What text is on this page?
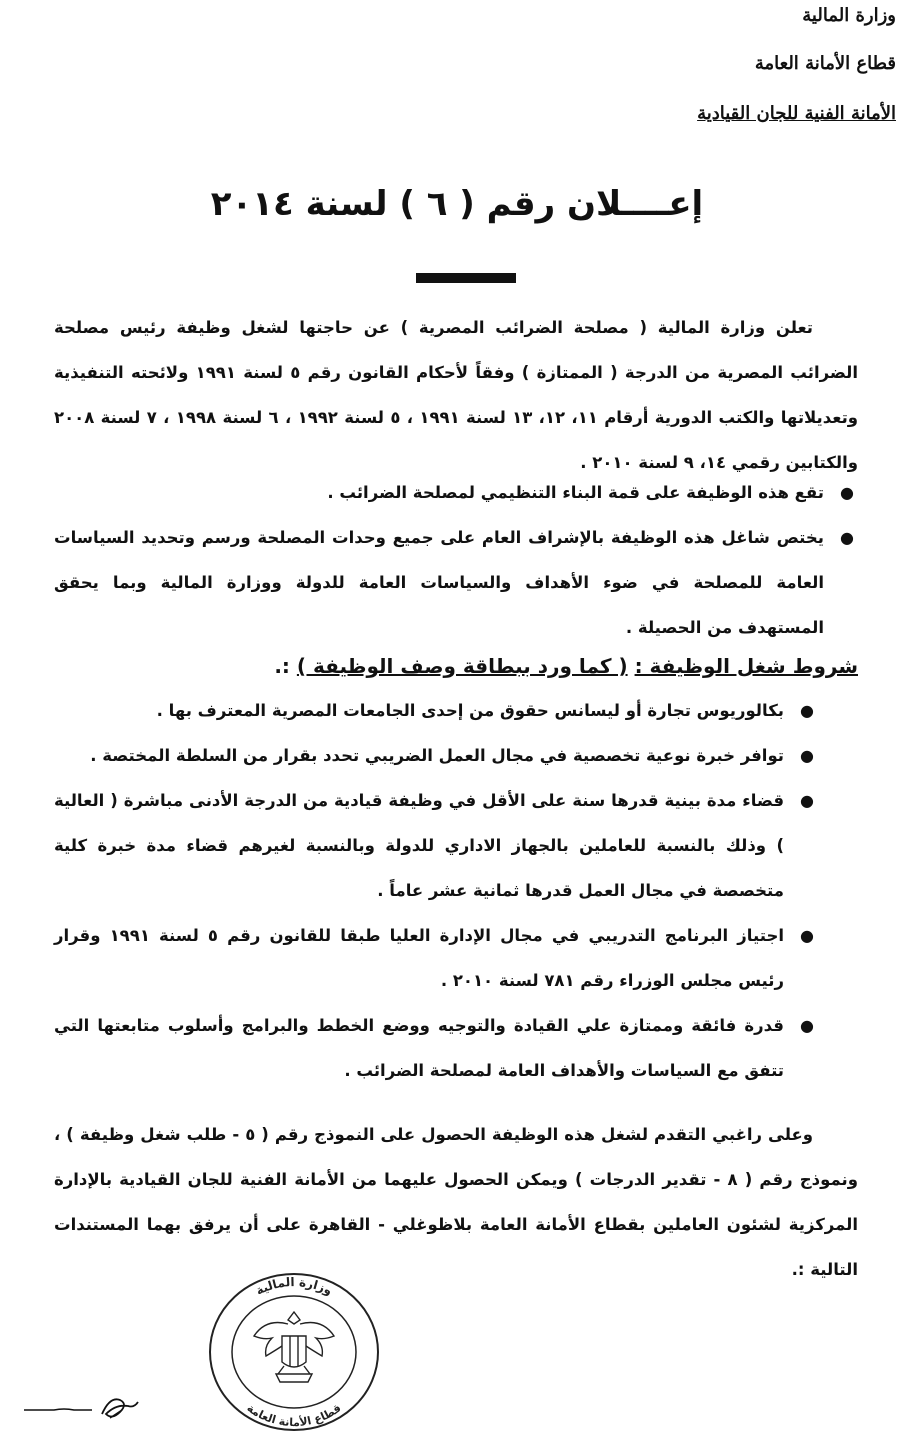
وزارة المالية
قطاع الأمانة العامة
الأمانة الفنية للجان القيادية
إعــــلان رقم ( ٦ ) لسنة ٢٠١٤
تعلن وزارة المالية ( مصلحة الضرائب المصرية ) عن حاجتها لشغل وظيفة رئيس مصلحة الضرائب المصرية من الدرجة ( الممتازة ) وفقاً لأحكام القانون رقم ٥ لسنة ١٩٩١ ولائحته التنفيذية وتعديلاتها والكتب الدورية أرقام ١١، ١٢، ١٣ لسنة ١٩٩١ ، ٥ لسنة ١٩٩٢ ، ٦ لسنة ١٩٩٨ ، ٧ لسنة ٢٠٠٨ والكتابين رقمي ١٤، ٩ لسنة ٢٠١٠ .
●
تقع هذه الوظيفة على قمة البناء التنظيمي لمصلحة الضرائب .
●
يختص شاغل هذه الوظيفة بالإشراف العام على جميع وحدات المصلحة ورسم وتحديد السياسات العامة للمصلحة في ضوء الأهداف والسياسات العامة للدولة ووزارة المالية وبما يحقق المستهدف من الحصيلة .
شروط شغل الوظيفة : ( كما ورد ببطاقة وصف الوظيفة ) :.
●
بكالوريوس تجارة أو ليسانس حقوق من إحدى الجامعات المصرية المعترف بها .
●
توافر خبرة نوعية تخصصية في مجال العمل الضريبي تحدد بقرار من السلطة المختصة .
●
قضاء مدة بينية قدرها سنة على الأقل في وظيفة قيادية من الدرجة الأدنى مباشرة ( العالية ) وذلك بالنسبة للعاملين بالجهاز الاداري للدولة وبالنسبة لغيرهم قضاء مدة خبرة كلية متخصصة في مجال العمل قدرها ثمانية عشر عاماً .
●
اجتياز البرنامج التدريبي في مجال الإدارة العليا طبقا للقانون رقم ٥ لسنة ١٩٩١ وقرار رئيس مجلس الوزراء رقم ٧٨١ لسنة ٢٠١٠ .
●
قدرة فائقة وممتازة علي القيادة والتوجيه ووضع الخطط والبرامج وأسلوب متابعتها التي تتفق مع السياسات والأهداف العامة لمصلحة الضرائب .
وعلى راغبي التقدم لشغل هذه الوظيفة الحصول على النموذج رقم ( ٥ - طلب شغل وظيفة ) ، ونموذج رقم ( ٨ - تقدير الدرجات ) ويمكن الحصول عليهما من الأمانة الفنية للجان القيادية بالإدارة المركزية لشئون العاملين بقطاع الأمانة العامة بلاظوغلي - القاهرة على أن يرفق بهما المستندات التالية :.
وزارة المالية
قطاع الأمانة العامة
